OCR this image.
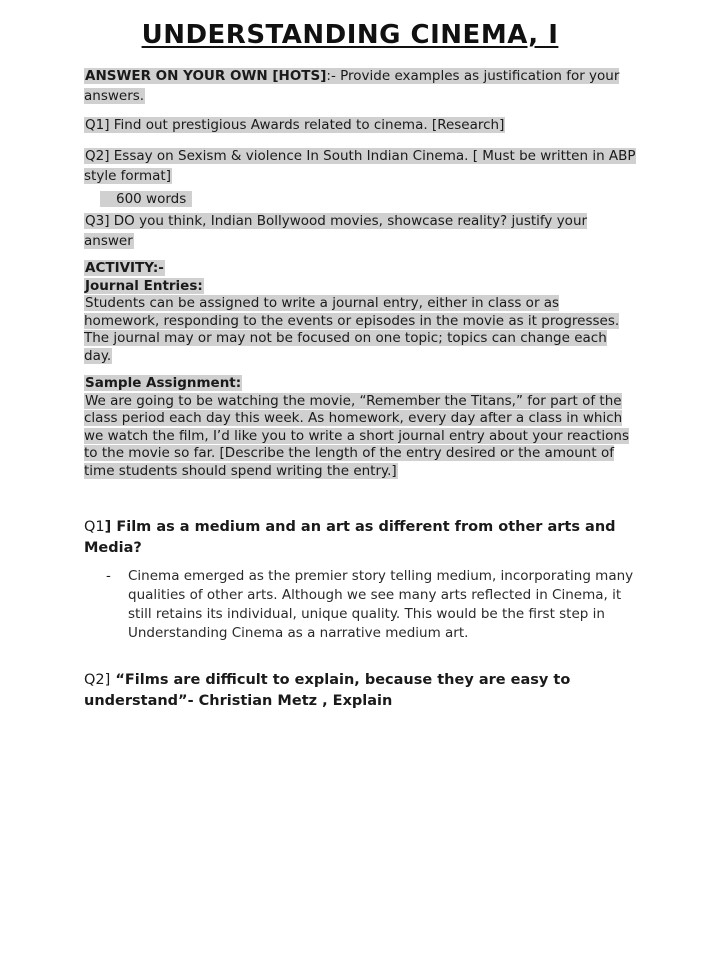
UNDERSTANDING CINEMA, I
ANSWER ON YOUR OWN [HOTS]:- Provide examples as justification for your answers.
Q1] Find out prestigious Awards related to cinema. [Research]
Q2] Essay on Sexism & violence In South Indian Cinema. [ Must be written in ABP style format]
600 words
Q3] DO you think, Indian Bollywood movies, showcase reality? justify your answer
ACTIVITY:-
Journal Entries:
Students can be assigned to write a journal entry, either in class or as homework, responding to the events or episodes in the movie as it progresses. The journal may or may not be focused on one topic; topics can change each day.
Sample Assignment:
We are going to be watching the movie, “Remember the Titans,” for part of the class period each day this week. As homework, every day after a class in which we watch the film, I’d like you to write a short journal entry about your reactions to the movie so far. [Describe the length of the entry desired or the amount of time students should spend writing the entry.]
Q1] Film as a medium and an art as different from other arts and Media?
- Cinema emerged as the premier story telling medium, incorporating many qualities of other arts. Although we see many arts reflected in Cinema, it still retains its individual, unique quality. This would be the first step in Understanding Cinema as a narrative medium art.
Q2] “Films are difficult to explain, because they are easy to understand”- Christian Metz , Explain
